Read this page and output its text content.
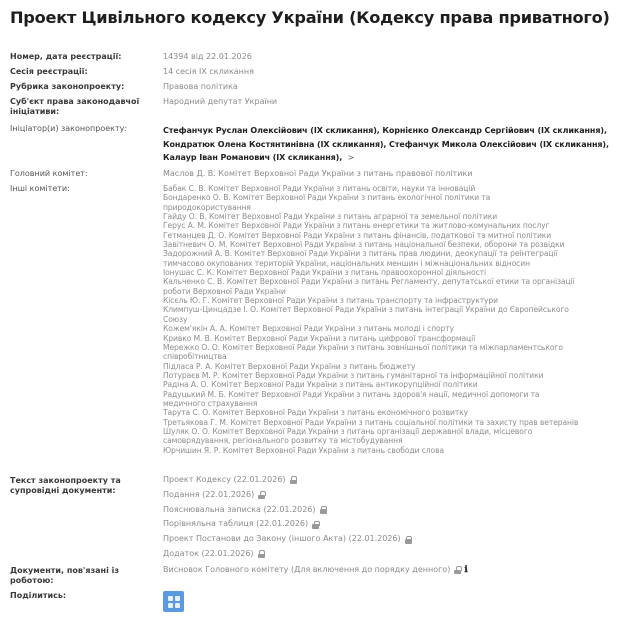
Проект Цивільного кодексу України (Кодексу права приватного)
Номер, дата реєстрації:	14394 від 22.01.2026
Сесія реєстрації:	14 сесія IX скликання
Рубрика законопроекту:	Правова політика
Суб'єкт права законодавчої ініціативи:
Народний депутат України
Ініціатор(и) законопроекту:	Стефанчук Руслан Олексійович (IX скликання), Корнієнко Олександр Сергійович (IX скликання),
Кондратюк Олена Костянтинівна (IX скликання), Стефанчук Микола Олексійович (IX скликання),
Калаур Іван Романович (IX скликання), >
Головний комітет:	Маслов Д. В. Комітет Верховної Ради України з питань правової політики
Інші комітети:	Бабак С. В. Комітет Верховної Ради України з питань освіти, науки та інновацій
Бондаренко О. В. Комітет Верховної Ради України з питань екологічної політики та
природокористування
Гайду О. В. Комітет Верховної Ради України з питань аграрної та земельної політики
Герус А. М. Комітет Верховної Ради України з питань енергетики та житлово-комунальних послуг
Гетманцев Д. О. Комітет Верховної Ради України з питань фінансів, податкової та митної політики
Завітневич О. М. Комітет Верховної Ради України з питань національної безпеки, оборони та розвідки
Задорожний А. В. Комітет Верховної Ради України з питань прав людини, деокупації та реінтеграції
тимчасово окупованих територій України, національних меншин і міжнаціональних відносин
Іонушас С. К. Комітет Верховної Ради України з питань правоохоронної діяльності
Кальченко С. В. Комітет Верховної Ради України з питань Регламенту, депутатської етики та організації
роботи Верховної Ради України
Кісєль Ю. Г. Комітет Верховної Ради України з питань транспорту та інфраструктури
Климпуш-Цинцадзе І. О. Комітет Верховної Ради України з питань інтеграції України до Європейського
Союзу
Кожем'якін А. А. Комітет Верховної Ради України з питань молоді і спорту
Кривко М. В. Комітет Верховної Ради України з питань цифрової трансформації
Мережко О. О. Комітет Верховної Ради України з питань зовнішньої політики та міжпарламентського
співробітництва
Підласа Р. А. Комітет Верховної Ради України з питань бюджету
Потураєв М. Р. Комітет Верховної Ради України з питань гуманітарної та інформаційної політики
Радіна А. О. Комітет Верховної Ради України з питань антикорупційної політики
Радуцький М. Б. Комітет Верховної Ради України з питань здоров'я нації, медичної допомоги та
медичного страхування
Тарута С. О. Комітет Верховної Ради України з питань економічного розвитку
Третьякова Г. М. Комітет Верховної Ради України з питань соціальної політики та захисту прав ветеранів
Шуляк О. О. Комітет Верховної Ради України з питань організації державної влади, місцевого
самоврядування, регіонального розвитку та містобудування
Юрчишин Я. Р. Комітет Верховної Ради України з питань свободи слова
Текст законопроекту та супровідні документи:
Проект Кодексу (22.01.2026)
Подання (22.01.2026)
Пояснювальна записка (22.01.2026)
Порівняльна таблиця (22.01.2026)
Проект Постанови до Закону (іншого Акта) (22.01.2026)
Додаток (22.01.2026)
Документи, пов'язані із роботою:
Висновок Головного комітету (Для включення до порядку денного) ℹ
Поділитись:
